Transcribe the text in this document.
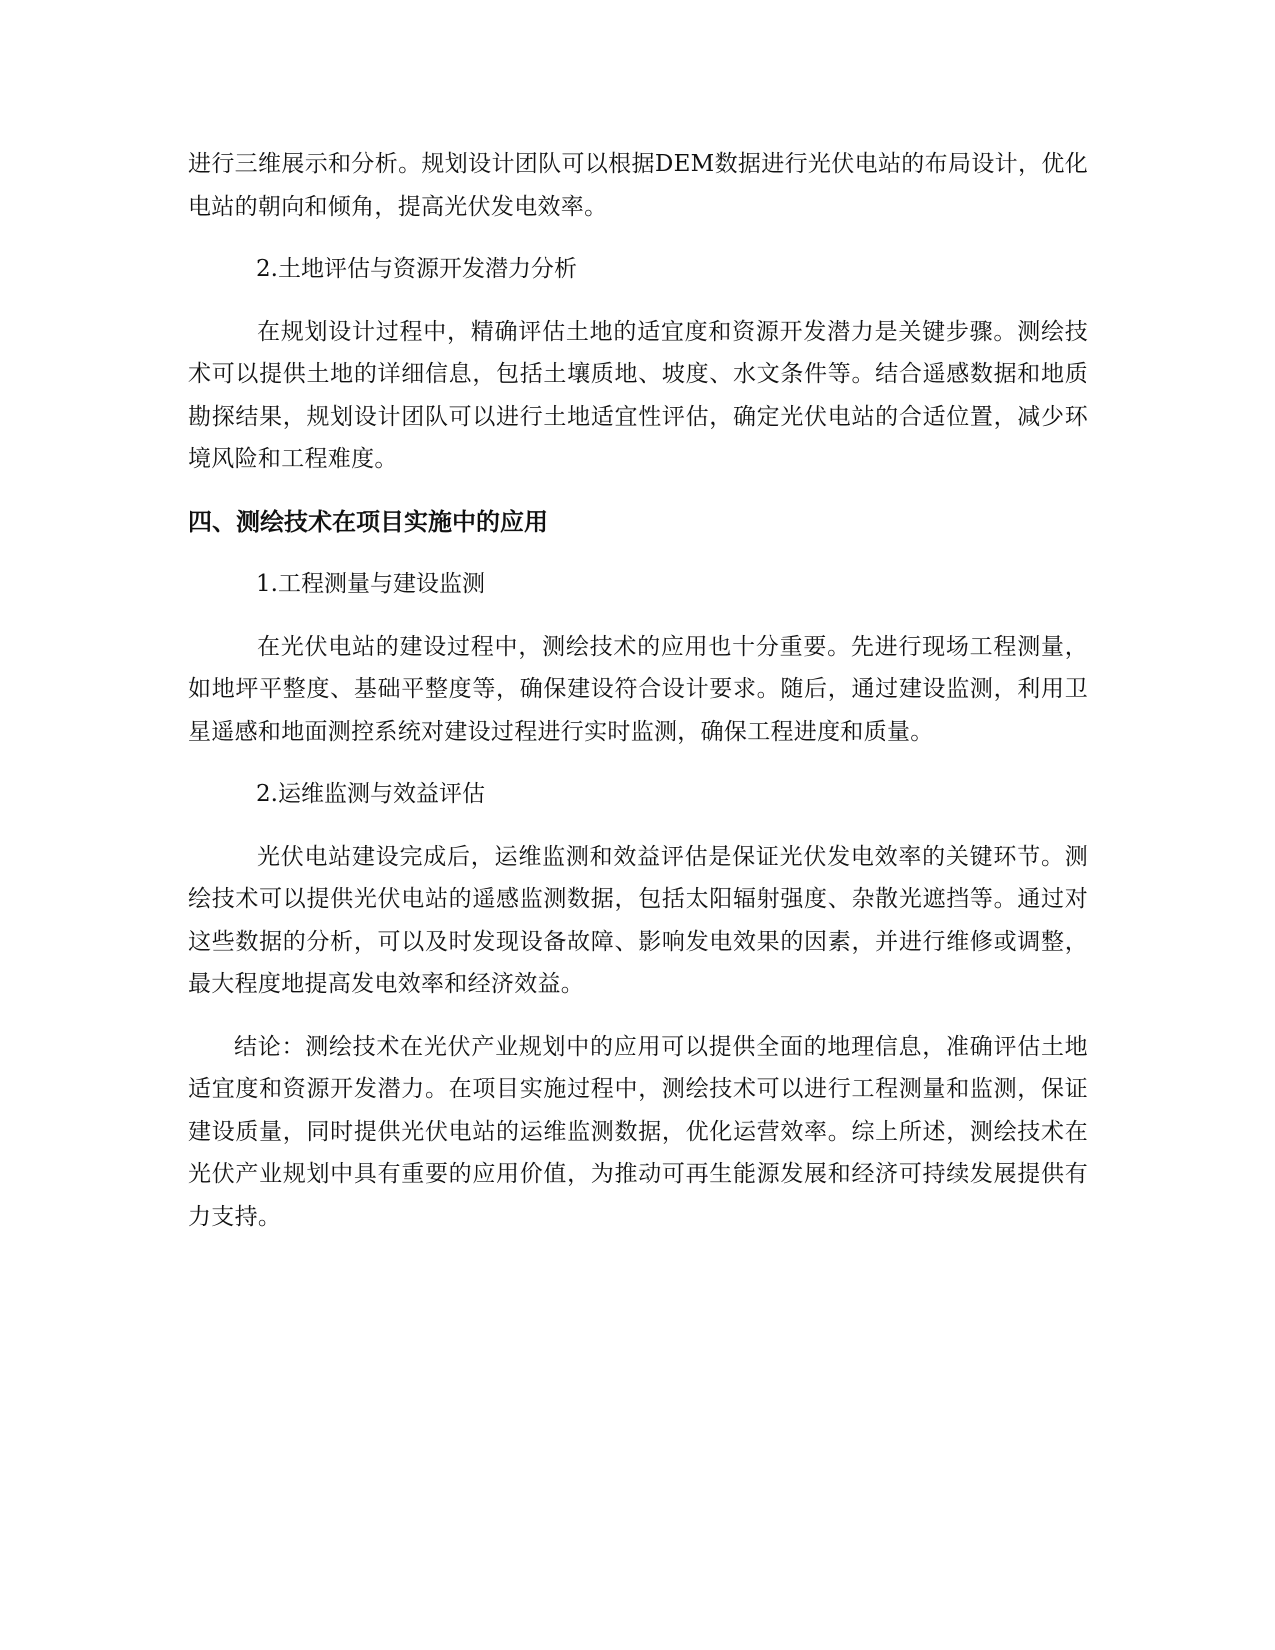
进行三维展示和分析。规划设计团队可以根据DEM数据进行光伏电站的布局设计，优化电站的朝向和倾角，提高光伏发电效率。

2.土地评估与资源开发潜力分析

在规划设计过程中，精确评估土地的适宜度和资源开发潜力是关键步骤。测绘技术可以提供土地的详细信息，包括土壤质地、坡度、水文条件等。结合遥感数据和地质勘探结果，规划设计团队可以进行土地适宜性评估，确定光伏电站的合适位置，减少环境风险和工程难度。

四、测绘技术在项目实施中的应用

1.工程测量与建设监测

在光伏电站的建设过程中，测绘技术的应用也十分重要。先进行现场工程测量，如地坪平整度、基础平整度等，确保建设符合设计要求。随后，通过建设监测，利用卫星遥感和地面测控系统对建设过程进行实时监测，确保工程进度和质量。

2.运维监测与效益评估

光伏电站建设完成后，运维监测和效益评估是保证光伏发电效率的关键环节。测绘技术可以提供光伏电站的遥感监测数据，包括太阳辐射强度、杂散光遮挡等。通过对这些数据的分析，可以及时发现设备故障、影响发电效果的因素，并进行维修或调整，最大程度地提高发电效率和经济效益。

结论：测绘技术在光伏产业规划中的应用可以提供全面的地理信息，准确评估土地适宜度和资源开发潜力。在项目实施过程中，测绘技术可以进行工程测量和监测，保证建设质量，同时提供光伏电站的运维监测数据，优化运营效率。综上所述，测绘技术在光伏产业规划中具有重要的应用价值，为推动可再生能源发展和经济可持续发展提供有力支持。
